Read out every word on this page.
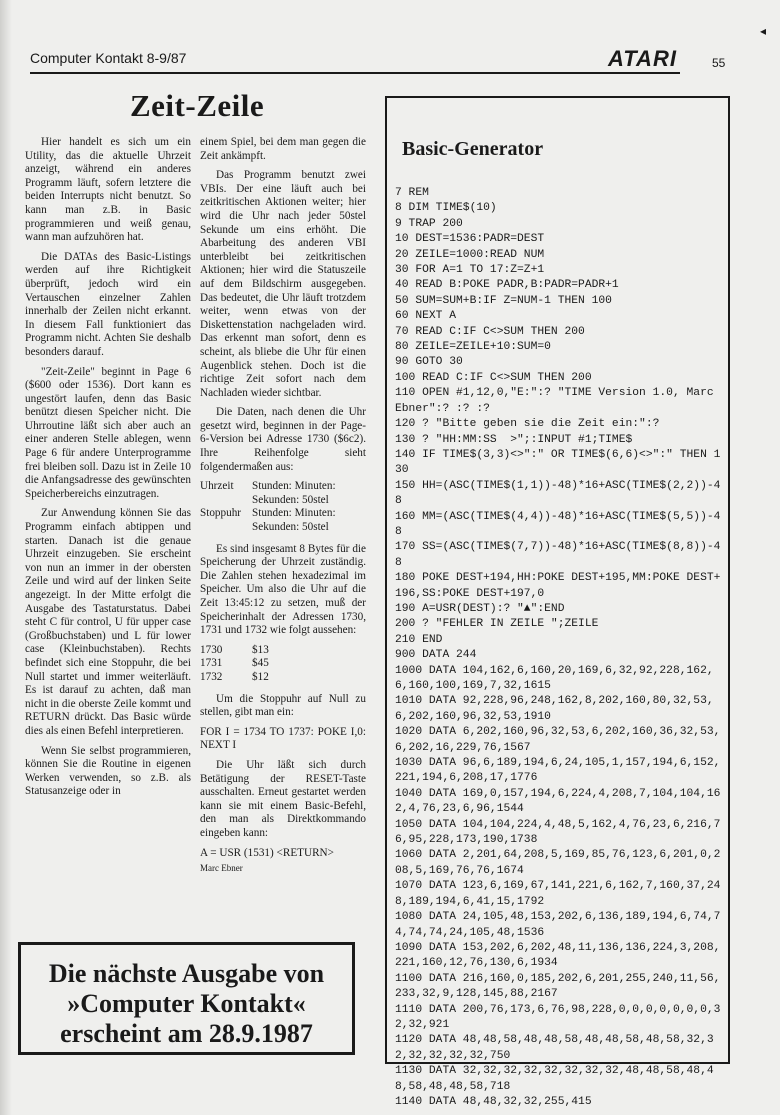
◂
Computer Kontakt 8-9/87	ATARI	55
Zeit-Zeile

Hier handelt es sich um ein Utility, das die aktuelle Uhrzeit anzeigt, während ein anderes Programm läuft, sofern letztere die beiden Interrupts nicht benutzt. So kann man z.B. in Basic programmieren und weiß genau, wann man aufzuhören hat.

Die DATAs des Basic-Listings werden auf ihre Richtigkeit überprüft, jedoch wird ein Vertauschen einzelner Zahlen innerhalb der Zeilen nicht erkannt. In diesem Fall funktioniert das Programm nicht. Achten Sie deshalb besonders darauf.

"Zeit-Zeile" beginnt in Page 6 ($600 oder 1536). Dort kann es ungestört laufen, denn das Basic benützt diesen Speicher nicht. Die Uhrroutine läßt sich aber auch an einer anderen Stelle ablegen, wenn Page 6 für andere Unterprogramme frei bleiben soll. Dazu ist in Zeile 10 die Anfangsadresse des gewünschten Speicherbereichs einzutragen.

Zur Anwendung können Sie das Programm einfach abtippen und starten. Danach ist die genaue Uhrzeit einzugeben. Sie erscheint von nun an immer in der obersten Zeile und wird auf der linken Seite angezeigt. In der Mitte erfolgt die Ausgabe des Tastaturstatus. Dabei steht C für control, U für upper case (Großbuchstaben) und L für lower case (Kleinbuchstaben). Rechts befindet sich eine Stoppuhr, die bei Null startet und immer weiterläuft. Es ist darauf zu achten, daß man nicht in die oberste Zeile kommt und RETURN drückt. Das Basic würde dies als einen Befehl interpretieren.

Wenn Sie selbst programmieren, können Sie die Routine in eigenen Werken verwenden, so z.B. als Statusanzeige oder in

einem Spiel, bei dem man gegen die Zeit ankämpft.

Das Programm benutzt zwei VBIs. Der eine läuft auch bei zeitkritischen Aktionen weiter; hier wird die Uhr nach jeder 50stel Sekunde um eins erhöht. Die Abarbeitung des anderen VBI unterbleibt bei zeitkritischen Aktionen; hier wird die Statuszeile auf dem Bildschirm ausgegeben. Das bedeutet, die Uhr läuft trotzdem weiter, wenn etwas von der Diskettenstation nachgeladen wird. Das erkennt man sofort, denn es scheint, als bliebe die Uhr für einen Augenblick stehen. Doch ist die richtige Zeit sofort nach dem Nachladen wieder sichtbar.

Die Daten, nach denen die Uhr gesetzt wird, beginnen in der Page-6-Version bei Adresse 1730 ($6c2). Ihre Reihenfolge sieht folgendermaßen aus:

Uhrzeit	Stunden: Minuten:
Sekunden: 50stel
Stoppuhr Stunden: Minuten:
Sekunden: 50stel

Es sind insgesamt 8 Bytes für die Speicherung der Uhrzeit zuständig. Die Zahlen stehen hexadezimal im Speicher. Um also die Uhr auf die Zeit 13:45:12 zu setzen, muß der Speicherinhalt der Adressen 1730, 1731 und 1732 wie folgt aussehen:

1730	$13
1731	$45
1732	$12

Um die Stoppuhr auf Null zu stellen, gibt man ein:

FOR I = 1734 TO 1737: POKE I,0: NEXT I

Die Uhr läßt sich durch Betätigung der RESET-Taste ausschalten. Erneut gestartet werden kann sie mit einem Basic-Befehl, den man als Direktkommando eingeben kann:

A = USR (1531) <RETURN>
Marc Ebner
Basic-Generator
7 REM
8 DIM TIME$(10)
9 TRAP 200
10 DEST=1536:PADR=DEST
20 ZEILE=1000:READ NUM
30 FOR A=1 TO 17:Z=Z+1
40 READ B:POKE PADR,B:PADR=PADR+1
50 SUM=SUM+B:IF Z=NUM-1 THEN 100
60 NEXT A
70 READ C:IF C<>SUM THEN 200
80 ZEILE=ZEILE+10:SUM=0
90 GOTO 30
100 READ C:IF C<>SUM THEN 200
110 OPEN #1,12,0,"E:":? "TIME Version 1.0, Marc Ebner":? :? :?
120 ? "Bitte geben sie die Zeit ein:":?
130 ? "HH:MM:SS  >";:INPUT #1;TIME$
140 IF TIME$(3,3)<>":" OR TIME$(6,6)<>":" THEN 130
150 HH=(ASC(TIME$(1,1))-48)*16+ASC(TIME$(2,2))-48
160 MM=(ASC(TIME$(4,4))-48)*16+ASC(TIME$(5,5))-48
170 SS=(ASC(TIME$(7,7))-48)*16+ASC(TIME$(8,8))-48
180 POKE DEST+194,HH:POKE DEST+195,MM:POKE DEST+196,SS:POKE DEST+197,0
190 A=USR(DEST):? "▲":END
200 ? "FEHLER IN ZEILE ";ZEILE
210 END
900 DATA 244
1000 DATA 104,162,6,160,20,169,6,32,92,228,162,6,160,100,169,7,32,1615
1010 DATA 92,228,96,248,162,8,202,160,80,32,53,6,202,160,96,32,53,1910
1020 DATA 6,202,160,96,32,53,6,202,160,36,32,53,6,202,16,229,76,1567
1030 DATA 96,6,189,194,6,24,105,1,157,194,6,152,221,194,6,208,17,1776
1040 DATA 169,0,157,194,6,224,4,208,7,104,104,162,4,76,23,6,96,1544
1050 DATA 104,104,224,4,48,5,162,4,76,23,6,216,76,95,228,173,190,1738
1060 DATA 2,201,64,208,5,169,85,76,123,6,201,0,208,5,169,76,76,1674
1070 DATA 123,6,169,67,141,221,6,162,7,160,37,248,189,194,6,41,15,1792
1080 DATA 24,105,48,153,202,6,136,189,194,6,74,74,74,74,24,105,48,1536
1090 DATA 153,202,6,202,48,11,136,136,224,3,208,221,160,12,76,130,6,1934
1100 DATA 216,160,0,185,202,6,201,255,240,11,56,233,32,9,128,145,88,2167
1110 DATA 200,76,173,6,76,98,228,0,0,0,0,0,0,0,32,32,921
1120 DATA 48,48,58,48,48,58,48,48,58,48,58,32,32,32,32,32,32,750
1130 DATA 32,32,32,32,32,32,32,32,48,48,58,48,48,58,48,48,58,718
1140 DATA 48,48,32,32,255,415
Die nächste Ausgabe von
»Computer Kontakt«
erscheint am 28.9.1987
